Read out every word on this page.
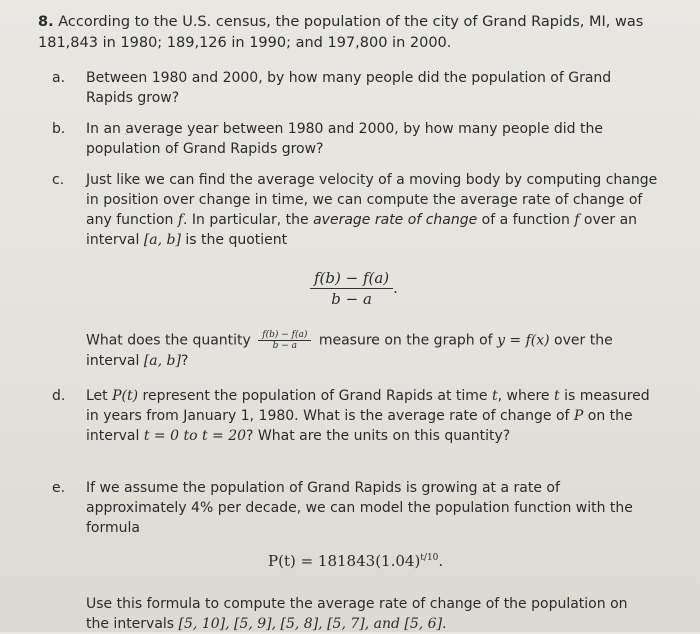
8. According to the U.S. census, the population of the city of Grand Rapids, MI, was 181,843 in 1980; 189,126 in 1990; and 197,800 in 2000.
a.	Between 1980 and 2000, by how many people did the population of Grand Rapids grow?
b.	In an average year between 1980 and 2000, by how many people did the population of Grand Rapids grow?
c.	Just like we can find the average velocity of a moving body by computing change in position over change in time, we can compute the average rate of change of any function f. In particular, the average rate of change of a function f over an interval [a, b] is the quotient
$\frac{f(b) - f(a)}{b - a}$ .
What does the quantity $\frac{f(b) - f(a)}{b - a}$ measure on the graph of y = f(x) over the interval [a, b]?
d.	Let P(t) represent the population of Grand Rapids at time t, where t is measured in years from January 1, 1980. What is the average rate of change of P on the interval t = 0 to t = 20? What are the units on this quantity?
e.	If we assume the population of Grand Rapids is growing at a rate of approximately 4% per decade, we can model the population function with the formula
$P(t) = 181843(1.04)^{t/10}$.
Use this formula to compute the average rate of change of the population on the intervals [5, 10], [5, 9], [5, 8], [5, 7], and [5, 6].
